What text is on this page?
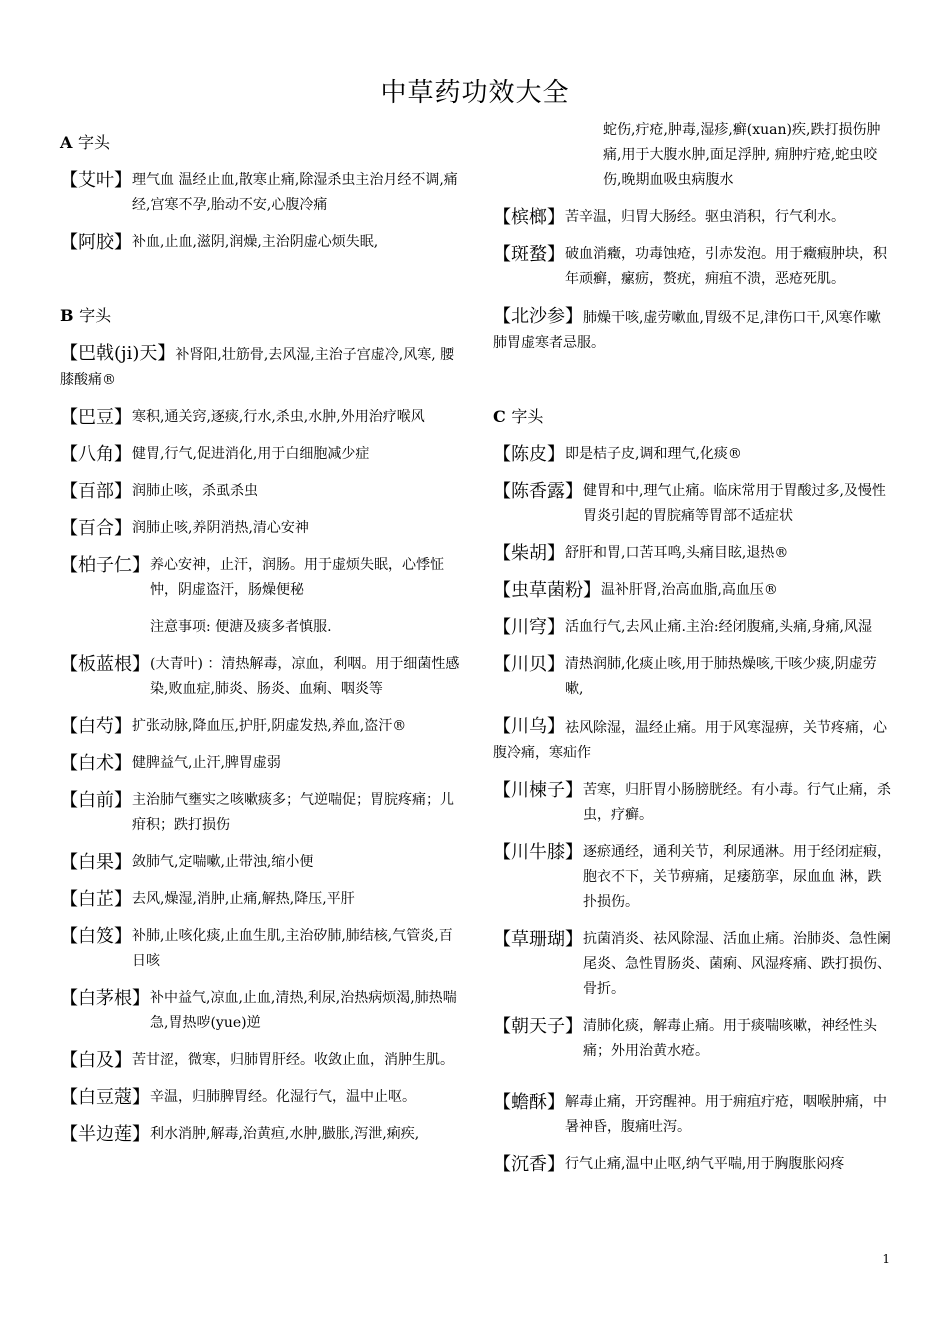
中草药功效大全
A 字头
【艾叶】 理气血 温经止血,散寒止痛,除湿杀虫主治月经不调,痛经,宫寒不孕,胎动不安,心腹冷痛
【阿胶】 补血,止血,滋阴,润燥,主治阴虚心烦失眠,
B 字头
【巴戟(ji)天】补肾阳,壮筋骨,去风湿,主治子宫虚冷,风寒, 腰膝酸痛®
【巴豆】 寒积,通关窍,逐痰,行水,杀虫,水肿,外用治疗喉风
【八角】 健胃,行气,促进消化,用于白细胞减少症
【百部】 润肺止咳，杀虱杀虫
【百合】 润肺止咳,养阴消热,清心安神
【柏子仁】 养心安神，止汗，润肠。用于虚烦失眠，心悸怔忡，阴虚盗汗，肠燥便秘
注意事项: 便溏及痰多者慎服.
【板蓝根】 (大青叶) ：清热解毒，凉血，利咽。用于细菌性感染,败血症,肺炎、肠炎、血痢、咽炎等
【白芍】 扩张动脉,降血压,护肝,阴虚发热,养血,盗汗®
【白术】 健脾益气,止汗,脾胃虚弱
【白前】 主治肺气壅实之咳嗽痰多；气逆喘促；胃脘疼痛；儿疳积；跌打损伤
【白果】 敛肺气,定喘嗽,止带浊,缩小便
【白芷】 去风,燥湿,消肿,止痛,解热,降压,平肝
【白笈】 补肺,止咳化痰,止血生肌,主治矽肺,肺结核,气管炎,百日咳
【白茅根】 补中益气,凉血,止血,清热,利尿,治热病烦渴,肺热喘急,胃热哕(yue)逆
【白及】 苦甘涩，微寒，归肺胃肝经。收敛止血，消肿生肌。
【白豆蔻】 辛温，归肺脾胃经。化湿行气，温中止呕。
【半边莲】 利水消肿,解毒,治黄疸,水肿,臌胀,泻泄,痢疾,
蛇伤,疔疮,肿毒,湿疹,癣(xuan)疾,跌打损伤肿痛,用于大腹水肿,面足浮肿, 痈肿疔疮,蛇虫咬伤,晚期血吸虫病腹水
【槟榔】 苦辛温，归胃大肠经。驱虫消积，行气利水。
【斑蝥】 破血消癥，功毒蚀疮，引赤发泡。用于癥瘕肿块，积年顽癣，瘰疬，赘疣，痈疽不溃，恶疮死肌。
【北沙参】肺燥干咳,虚劳嗽血,胃级不足,津伤口干,风寒作嗽肺胃虚寒者忌服。
C 字头
【陈皮】 即是桔子皮,调和理气,化痰®
【陈香露】 健胃和中,理气止痛。临床常用于胃酸过多,及慢性胃炎引起的胃脘痛等胃部不适症状
【柴胡】 舒肝和胃,口苦耳鸣,头痛目眩,退热®
【虫草菌粉】 温补肝肾,治高血脂,高血压®
【川穹】 活血行气,去风止痛.主治:经闭腹痛,头痛,身痛,风湿
【川贝】 清热润肺,化痰止咳,用于肺热燥咳,干咳少痰,阴虚劳嗽,
【川乌】祛风除湿，温经止痛。用于风寒湿痹，关节疼痛，心腹冷痛，寒疝作
【川楝子】 苦寒，归肝胃小肠膀胱经。有小毒。行气止痛，杀虫，疗癣。
【川牛膝】 逐瘀通经，通利关节，利尿通淋。用于经闭症瘕，胞衣不下，关节痹痛，足痿筋挛，尿血血 淋，跌扑损伤。
【草珊瑚】 抗菌消炎、祛风除湿、活血止痛。治肺炎、急性阑尾炎、急性胃肠炎、菌痢、风湿疼痛、跌打损伤、骨折。
【朝天子】 清肺化痰，解毒止痛。用于痰喘咳嗽，神经性头痛；外用治黄水疮。
【蟾酥】 解毒止痛，开窍醒神。用于痈疽疔疮，咽喉肿痛，中暑神昏，腹痛吐泻。
【沉香】 行气止痛,温中止呕,纳气平喘,用于胸腹胀闷疼
1
